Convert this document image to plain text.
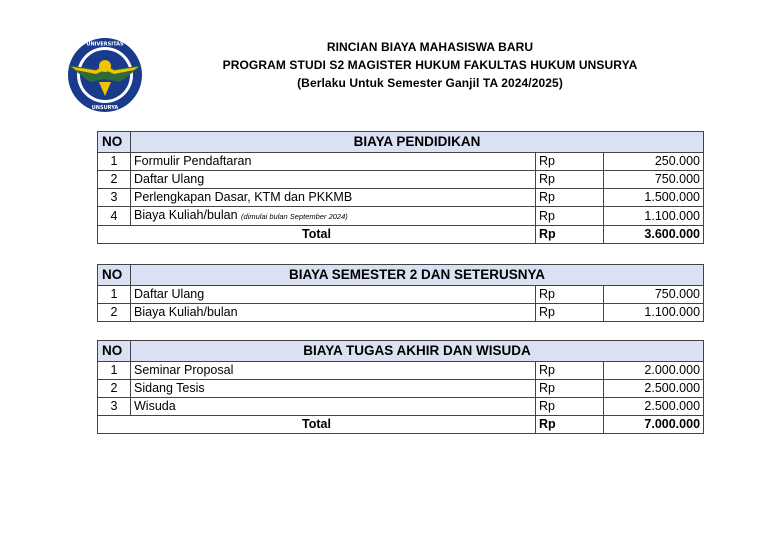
UNIVERSITAS
UNSURYA
RINCIAN BIAYA MAHASISWA BARU
PROGRAM STUDI S2 MAGISTER HUKUM FAKULTAS HUKUM UNSURYA
(Berlaku Untuk Semester Ganjil TA 2024/2025)
NO	BIAYA PENDIDIKAN		
1	Formulir Pendaftaran	Rp	250.000
2	Daftar Ulang	Rp	750.000
3	Perlengkapan Dasar, KTM dan PKKMB	Rp	1.500.000
4	Biaya Kuliah/bulan (dimulai bulan September 2024)	Rp	1.100.000
Total		Rp	3.600.000
NO	BIAYA SEMESTER 2 DAN SETERUSNYA		
1	Daftar Ulang	Rp	750.000
2	Biaya Kuliah/bulan	Rp	1.100.000
NO	BIAYA TUGAS AKHIR DAN WISUDA		
1	Seminar Proposal	Rp	2.000.000
2	Sidang Tesis	Rp	2.500.000
3	Wisuda	Rp	2.500.000
Total		Rp	7.000.000
